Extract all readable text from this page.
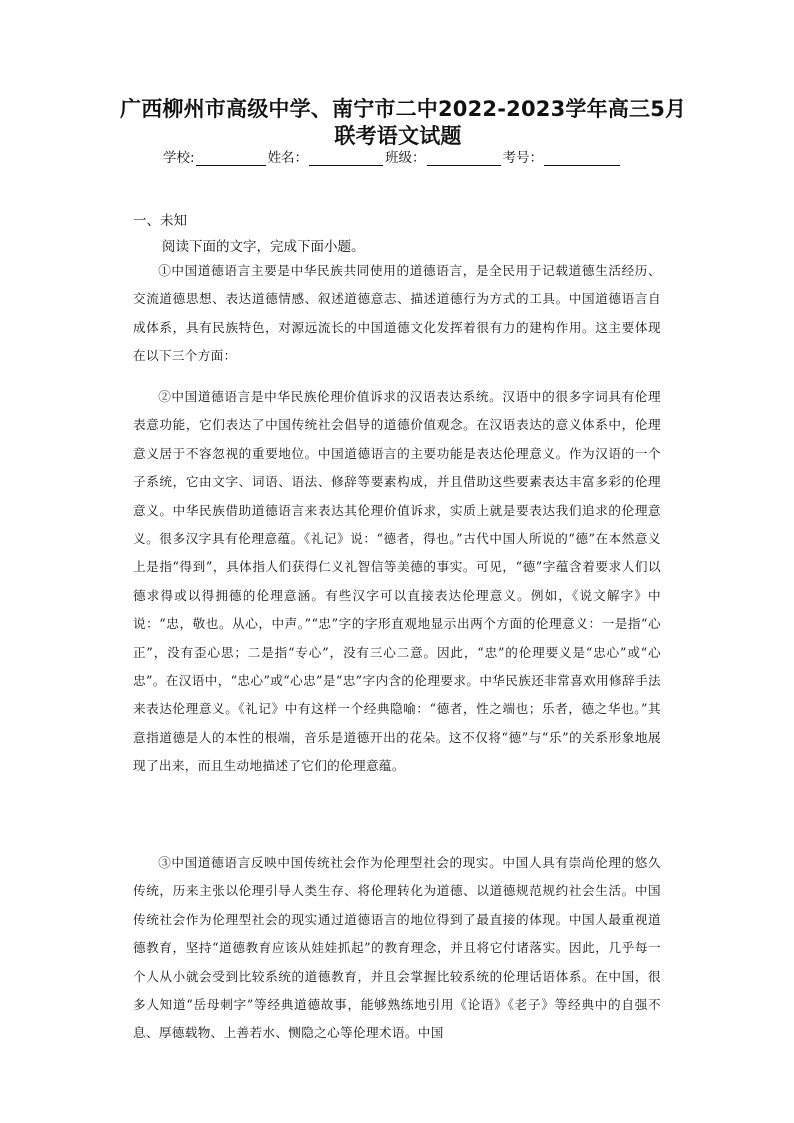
广西柳州市高级中学、南宁市二中2022-2023学年高三5月
联考语文试题
学校:	姓名：	班级：	考号：
一、未知
阅读下面的文字，完成下面小题。

①中国道德语言主要是中华民族共同使用的道德语言，是全民用于记载道德生活经历、交流道德思想、表达道德情感、叙述道德意志、描述道德行为方式的工具。中国道德语言自成体系，具有民族特色，对源远流长的中国道德文化发挥着很有力的建构作用。这主要体现在以下三个方面：

②中国道德语言是中华民族伦理价值诉求的汉语表达系统。汉语中的很多字词具有伦理表意功能，它们表达了中国传统社会倡导的道德价值观念。在汉语表达的意义体系中，伦理意义居于不容忽视的重要地位。中国道德语言的主要功能是表达伦理意义。作为汉语的一个子系统，它由文字、词语、语法、修辞等要素构成，并且借助这些要素表达丰富多彩的伦理意义。中华民族借助道德语言来表达其伦理价值诉求，实质上就是要表达我们追求的伦理意义。很多汉字具有伦理意蕴。《礼记》说：“德者，得也。”古代中国人所说的“德”在本然意义上是指“得到”，具体指人们获得仁义礼智信等美德的事实。可见，“德”字蕴含着要求人们以德求得或以得拥德的伦理意涵。有些汉字可以直接表达伦理意义。例如，《说文解字》中说：“忠，敬也。从心，中声。”“忠”字的字形直观地显示出两个方面的伦理意义：一是指“心正”，没有歪心思；二是指“专心”，没有三心二意。因此，“忠”的伦理要义是“忠心”或“心忠”。在汉语中，“忠心”或“心忠”是“忠”字内含的伦理要求。中华民族还非常喜欢用修辞手法来表达伦理意义。《礼记》中有这样一个经典隐喻：“德者，性之端也；乐者，德之华也。”其意指道德是人的本性的根端，音乐是道德开出的花朵。这不仅将“德”与“乐”的关系形象地展现了出来，而且生动地描述了它们的伦理意蕴。

③中国道德语言反映中国传统社会作为伦理型社会的现实。中国人具有崇尚伦理的悠久传统，历来主张以伦理引导人类生存、将伦理转化为道德、以道德规范规约社会生活。中国传统社会作为伦理型社会的现实通过道德语言的地位得到了最直接的体现。中国人最重视道德教育，坚持“道德教育应该从娃娃抓起”的教育理念，并且将它付诸落实。因此，几乎每一个人从小就会受到比较系统的道德教育，并且会掌握比较系统的伦理话语体系。在中国，很多人知道“岳母刺字”等经典道德故事，能够熟练地引用《论语》《老子》等经典中的自强不息、厚德载物、上善若水、恻隐之心等伦理术语。中国
